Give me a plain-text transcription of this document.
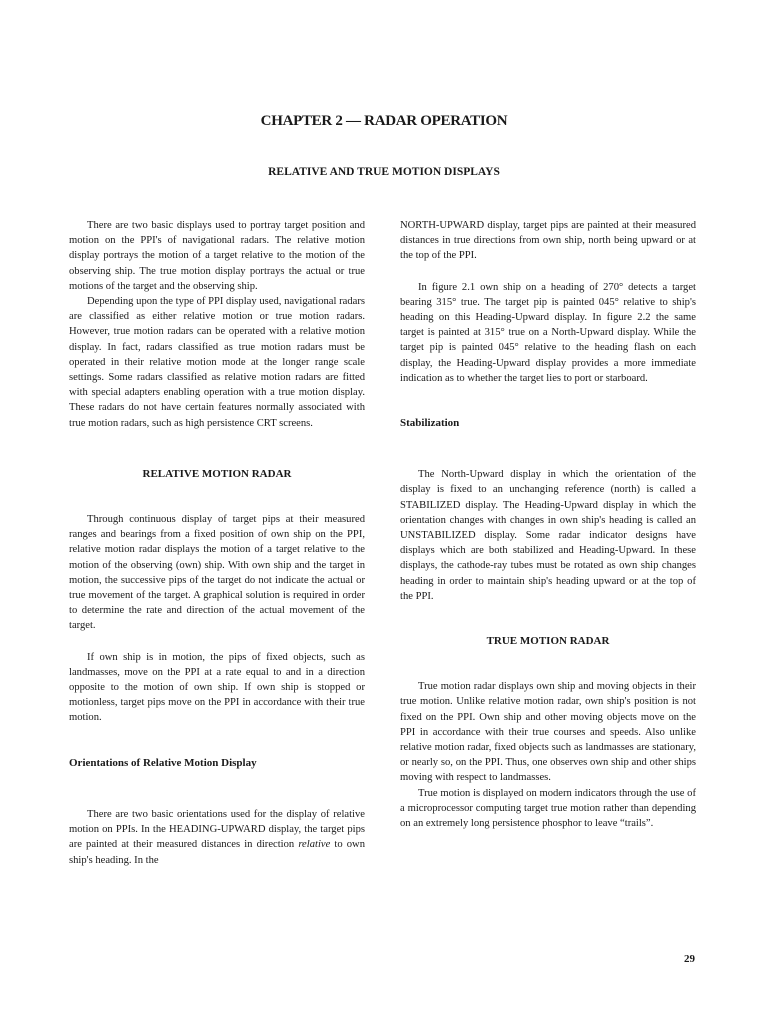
CHAPTER 2 — RADAR OPERATION
RELATIVE AND TRUE MOTION DISPLAYS

There are two basic displays used to portray target position and motion on the PPI's of navigational radars. The relative motion display portrays the motion of a target relative to the motion of the observing ship. The true motion display portrays the actual or true motions of the target and the observing ship.

Depending upon the type of PPI display used, navigational radars are classified as either relative motion or true motion radars. However, true motion radars can be operated with a relative motion display. In fact, radars classified as true motion radars must be operated in their relative motion mode at the longer range scale settings. Some radars classified as relative motion radars are fitted with special adapters enabling operation with a true motion display. These radars do not have certain features normally associated with true motion radars, such as high persistence CRT screens.

RELATIVE MOTION RADAR

Through continuous display of target pips at their measured ranges and bearings from a fixed position of own ship on the PPI, relative motion radar displays the motion of a target relative to the motion of the observing (own) ship. With own ship and the target in motion, the successive pips of the target do not indicate the actual or true movement of the target. A graphical solution is required in order to determine the rate and direction of the actual movement of the target.

If own ship is in motion, the pips of fixed objects, such as landmasses, move on the PPI at a rate equal to and in a direction opposite to the motion of own ship. If own ship is stopped or motionless, target pips move on the PPI in accordance with their true motion.

Orientations of Relative Motion Display

There are two basic orientations used for the display of relative motion on PPIs. In the HEADING-UPWARD display, the target pips are painted at their measured distances in direction relative to own ship's heading. In the

NORTH-UPWARD display, target pips are painted at their measured distances in true directions from own ship, north being upward or at the top of the PPI.

In figure 2.1 own ship on a heading of 270° detects a target bearing 315° true. The target pip is painted 045° relative to ship's heading on this Heading-Upward display. In figure 2.2 the same target is painted at 315° true on a North-Upward display. While the target pip is painted 045° relative to the heading flash on each display, the Heading-Upward display provides a more immediate indication as to whether the target lies to port or starboard.

Stabilization

The North-Upward display in which the orientation of the display is fixed to an unchanging reference (north) is called a STABILIZED display. The Heading-Upward display in which the orientation changes with changes in own ship's heading is called an UNSTABILIZED display. Some radar indicator designs have displays which are both stabilized and Heading-Upward. In these displays, the cathode-ray tubes must be rotated as own ship changes heading in order to maintain ship's heading upward or at the top of the PPI.

TRUE MOTION RADAR

True motion radar displays own ship and moving objects in their true motion. Unlike relative motion radar, own ship's position is not fixed on the PPI. Own ship and other moving objects move on the PPI in accordance with their true courses and speeds. Also unlike relative motion radar, fixed objects such as landmasses are stationary, or nearly so, on the PPI. Thus, one observes own ship and other ships moving with respect to landmasses.

True motion is displayed on modern indicators through the use of a microprocessor computing target true motion rather than depending on an extremely long persistence phosphor to leave “trails”.

29
